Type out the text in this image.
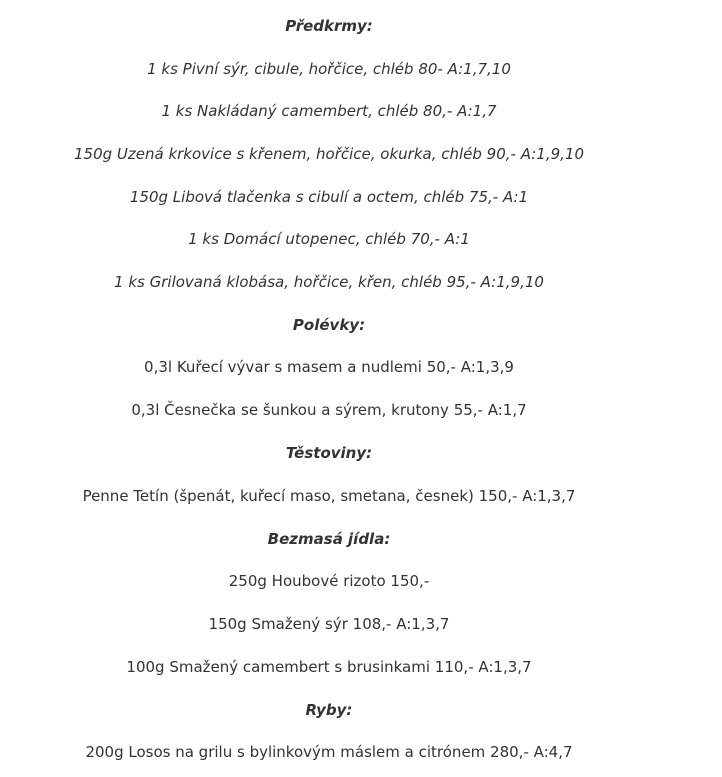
Předkrmy:
1 ks Pivní sýr, cibule, hořčice, chléb 80- A:1,7,10
1 ks Nakládaný camembert, chléb 80,- A:1,7
150g Uzená krkovice s křenem, hořčice, okurka, chléb 90,- A:1,9,10
150g Libová tlačenka s cibulí a octem, chléb 75,- A:1
1 ks Domácí utopenec, chléb 70,- A:1
1 ks Grilovaná klobása, hořčice, křen, chléb 95,- A:1,9,10
Polévky:
0,3l Kuřecí vývar s masem a nudlemi 50,- A:1,3,9
0,3l Česnečka se šunkou a sýrem, krutony 55,- A:1,7
Těstoviny:
Penne Tetín (špenát, kuřecí maso, smetana, česnek) 150,- A:1,3,7
Bezmasá jídla:
250g Houbové rizoto 150,-
150g Smažený sýr 108,- A:1,3,7
100g Smažený camembert s brusinkami 110,- A:1,3,7
Ryby:
200g Losos na grilu s bylinkovým máslem a citrónem 280,- A:4,7
